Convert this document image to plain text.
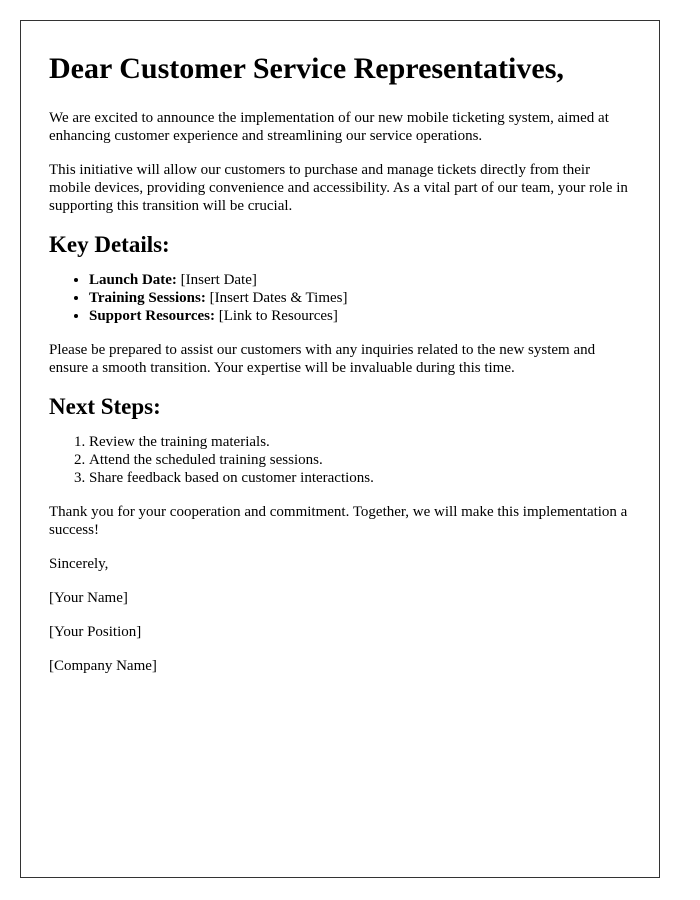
Dear Customer Service Representatives,

We are excited to announce the implementation of our new mobile ticketing system, aimed at enhancing customer experience and streamlining our service operations.

This initiative will allow our customers to purchase and manage tickets directly from their mobile devices, providing convenience and accessibility. As a vital part of our team, your role in supporting this transition will be crucial.

Key Details:
• Launch Date: [Insert Date]
• Training Sessions: [Insert Dates & Times]
• Support Resources: [Link to Resources]

Please be prepared to assist our customers with any inquiries related to the new system and ensure a smooth transition. Your expertise will be invaluable during this time.

Next Steps:
1. Review the training materials.
2. Attend the scheduled training sessions.
3. Share feedback based on customer interactions.

Thank you for your cooperation and commitment. Together, we will make this implementation a success!

Sincerely,

[Your Name]

[Your Position]

[Company Name]
